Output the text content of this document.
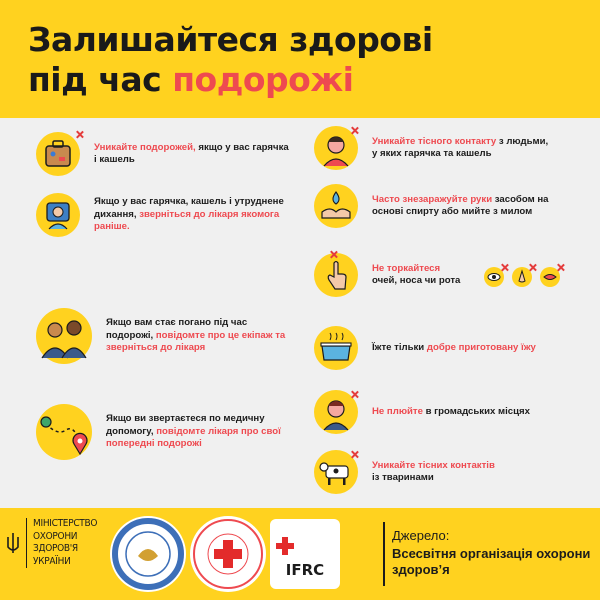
Залишайтеся здорові
під час подорожі
Уникайте подорожей, якщо у вас гарячка і кашель
Якщо у вас гарячка, кашель і утруднене дихання, зверніться до лікаря якомога раніше.
Якщо вам стає погано під час подорожі, повідомте про це екіпаж та зверніться до лікаря
Якщо ви звертаєтеся по медичну допомогу, повідомте лікаря про свої попередні подорожі
Уникайте тісного контакту з людьми, у яких гарячка та кашель
Часто знезаражуйте руки засобом на основі спирту або мийте з милом
Не торкайтеся
очей, носа чи рота
Їжте тільки добре приготовану їжу
Не плюйте в громадських місцях
Уникайте тісних контактів
із тваринами
МІНІСТЕРСТВО
ОХОРОНИ
ЗДОРОВ'Я
УКРАЇНИ	IFRC
Джерело:
Всесвітня організація охорони здоров’я
